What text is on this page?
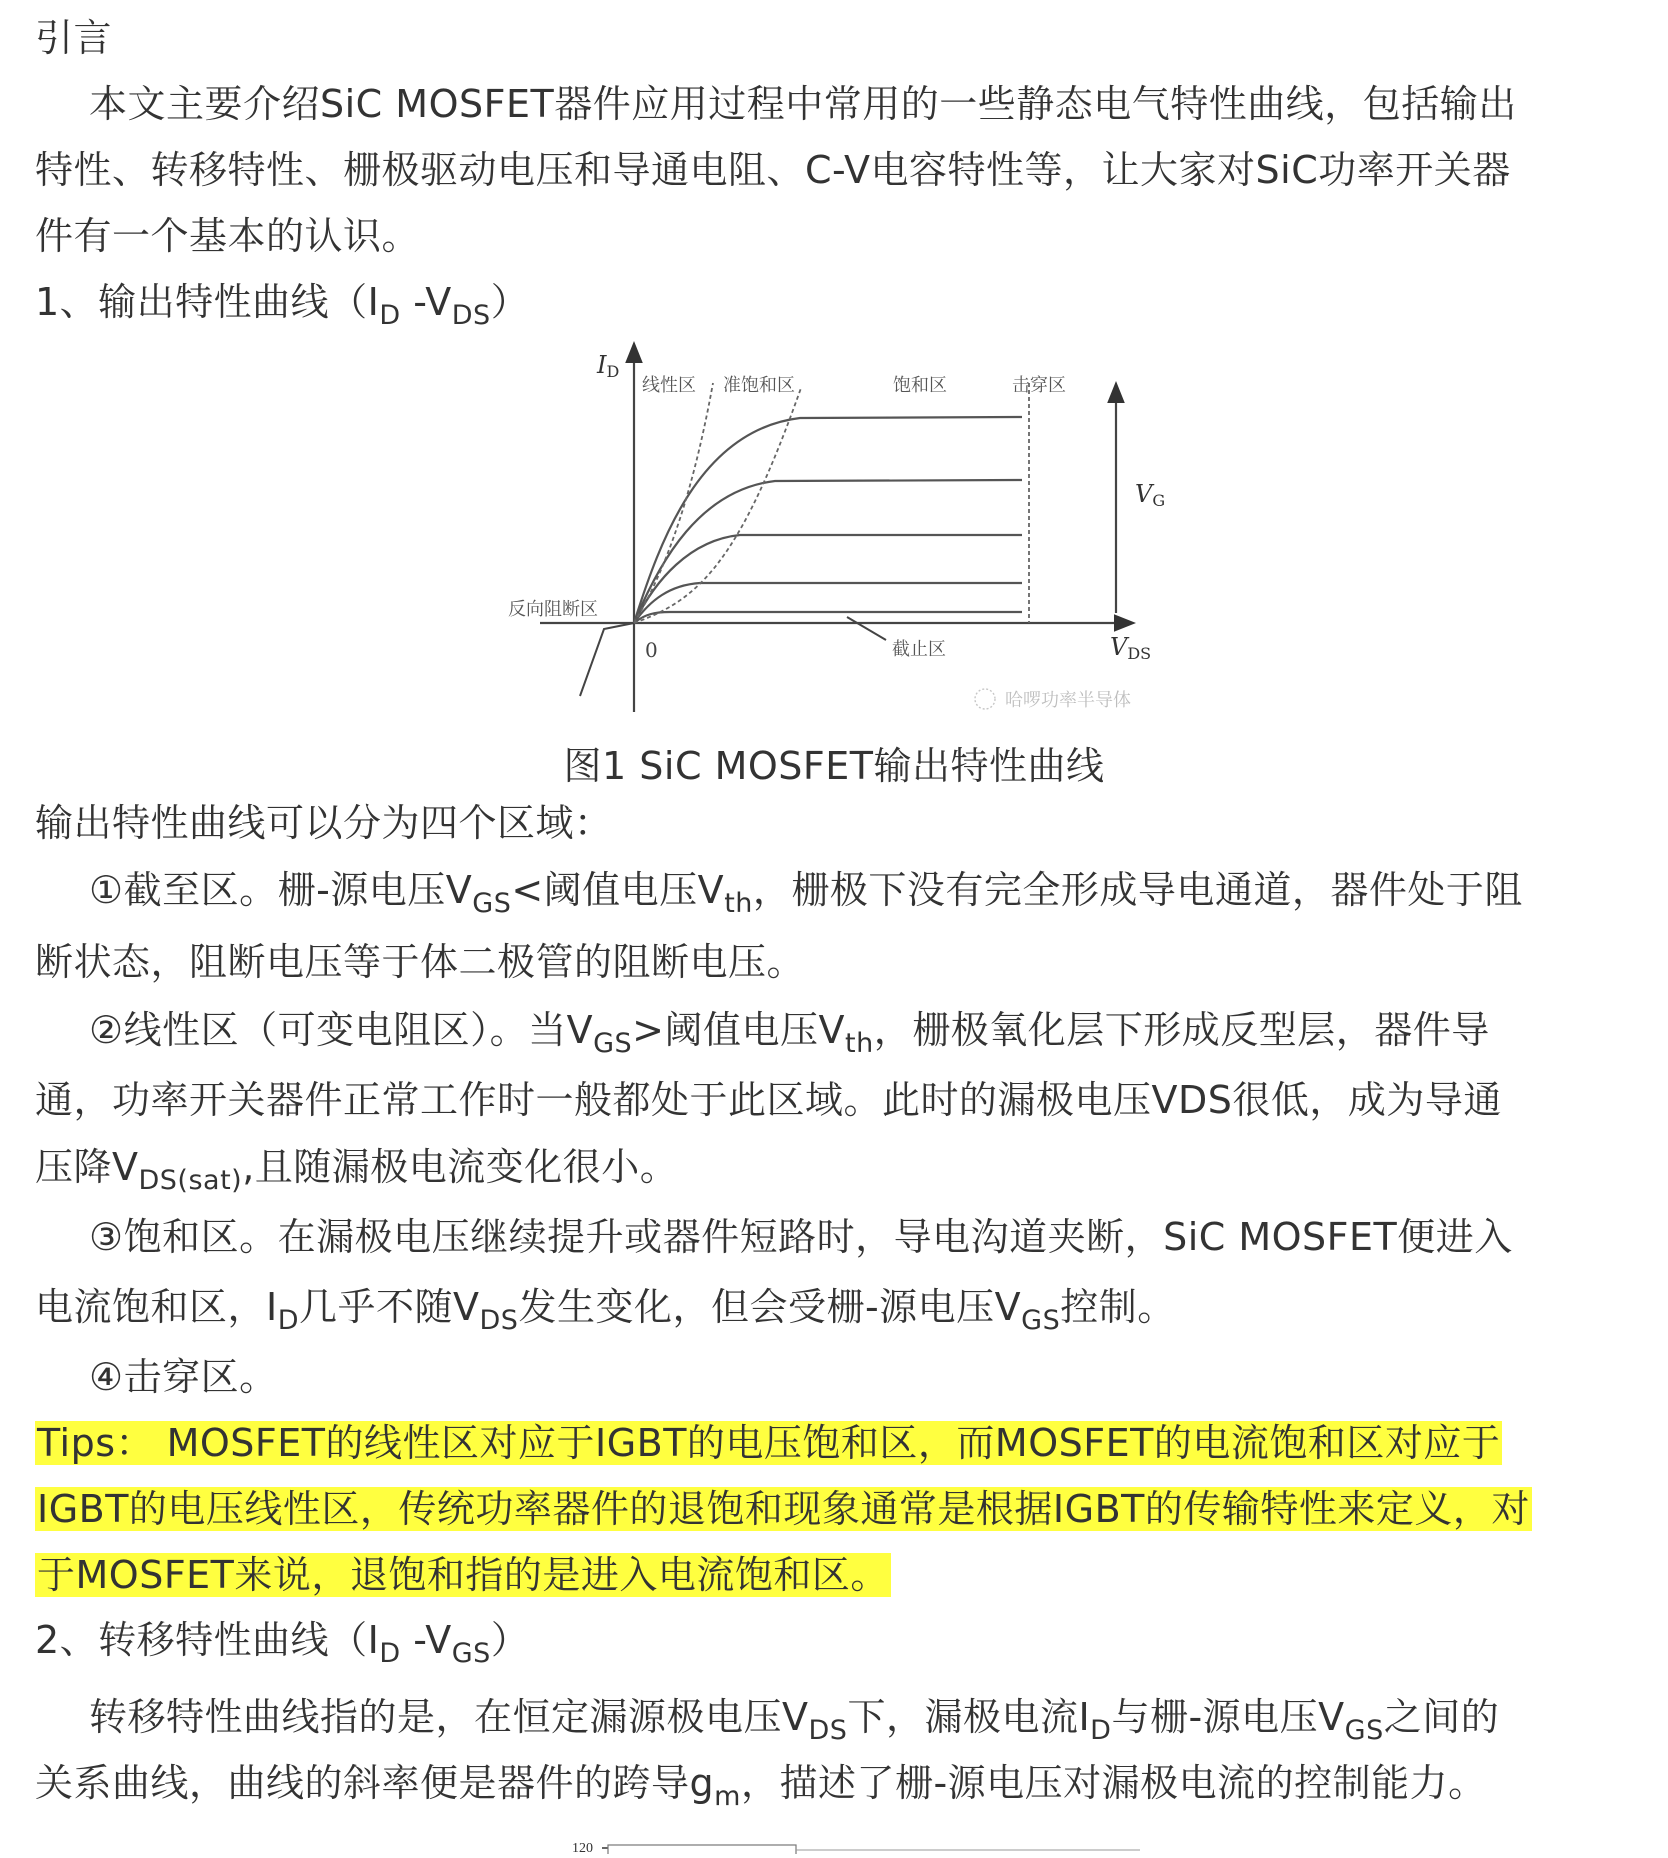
引言
本文主要介绍SiC MOSFET器件应用过程中常用的一些静态电气特性曲线，包括输出
特性、转移特性、栅极驱动电压和导通电阻、C-V电容特性等，让大家对SiC功率开关器
件有一个基本的认识。
1、输出特性曲线（$I_D$ $-V_{DS}$）
ID
线性区 准饱和区	饱和区	击穿区
反向阻断区
截止区
0	VDS
VG
哈啰功率半导体
图1 SiC MOSFET输出特性曲线
输出特性曲线可以分为四个区域：
①截至区。栅-源电压$V_{GS}<$阈值电压$V_{th}$，栅极下没有完全形成导电通道，器件处于阻
断状态，阻断电压等于体二极管的阻断电压。
②线性区（可变电阻区）。当$V_{GS}>$阈值电压$V_{th}$，栅极氧化层下形成反型层，器件导
通，功率开关器件正常工作时一般都处于此区域。此时的漏极电压VDS很低，成为导通
压降$V_{DS(sat)}$,且随漏极电流变化很小。
③饱和区。在漏极电压继续提升或器件短路时，导电沟道夹断，SiC MOSFET便进入
电流饱和区，$I_D$几乎不随$V_{DS}$发生变化，但会受栅-源电压$V_{GS}$控制。
④击穿区。
Tips： MOSFET的线性区对应于IGBT的电压饱和区，而MOSFET的电流饱和区对应于
IGBT的电压线性区，传统功率器件的退饱和现象通常是根据IGBT的传输特性来定义，对
于MOSFET来说，退饱和指的是进入电流饱和区。
2、转移特性曲线（$I_D$ $-V_{GS}$）
转移特性曲线指的是，在恒定漏源极电压$V_{DS}$下，漏极电流$I_D$与栅-源电压$V_{GS}$之间的
关系曲线，曲线的斜率便是器件的跨导$g_m$，描述了栅-源电压对漏极电流的控制能力。
120
